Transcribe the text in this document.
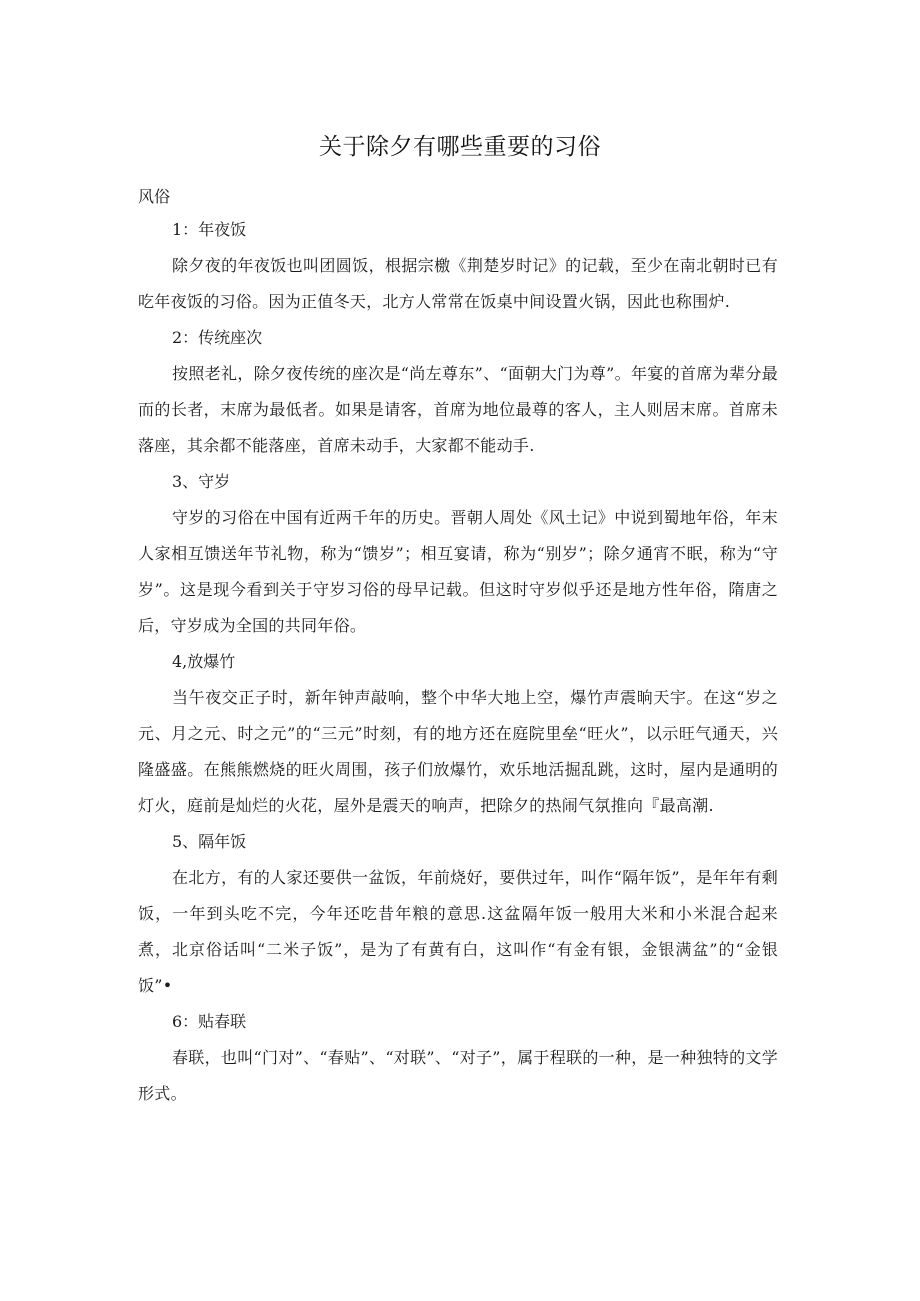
关于除夕有哪些重要的习俗
风俗
1：年夜饭

除夕夜的年夜饭也叫团圆饭，根据宗檄《荆楚岁时记》的记载，至少在南北朝时已有吃年夜饭的习俗。因为正值冬天，北方人常常在饭桌中间设置火锅，因此也称围炉.

2：传统座次

按照老礼，除夕夜传统的座次是“尚左尊东”、“面朝大门为尊”。年宴的首席为辈分最而的长者，末席为最低者。如果是请客，首席为地位最尊的客人，主人则居末席。首席未落座，其余都不能落座，首席未动手，大家都不能动手.

3、守岁

守岁的习俗在中国有近两千年的历史。晋朝人周处《风土记》中说到蜀地年俗，年末人家相互馈送年节礼物，称为“馈岁”；相互宴请，称为“别岁”；除夕通宵不眠，称为“守岁”。这是现今看到关于守岁习俗的母早记载。但这时守岁似乎还是地方性年俗，隋唐之后，守岁成为全国的共同年俗。

4,放爆竹

当午夜交正子时，新年钟声敲响，整个中华大地上空，爆竹声震晌天宇。在这“岁之元、月之元、时之元”的“三元”时刻，有的地方还在庭院里垒“旺火”，以示旺气通天，兴隆盛盛。在熊熊燃烧的旺火周围，孩子们放爆竹，欢乐地活掘乱跳，这时，屋内是通明的灯火，庭前是灿烂的火花，屋外是震天的响声，把除夕的热闹气氛推向『最高潮.

5、隔年饭

在北方，有的人家还要供一盆饭，年前烧好，要供过年，叫作“隔年饭”，是年年有剩饭，一年到头吃不完，今年还吃昔年粮的意思.这盆隔年饭一般用大米和小米混合起来煮，北京俗话叫“二米子饭”，是为了有黄有白，这叫作“有金有银，金银满盆”的“金银饭”•

6：贴春联

春联，也叫“门对”、“春贴”、“对联”、“对子”，属于程联的一种，是一种独特的文学形式。
